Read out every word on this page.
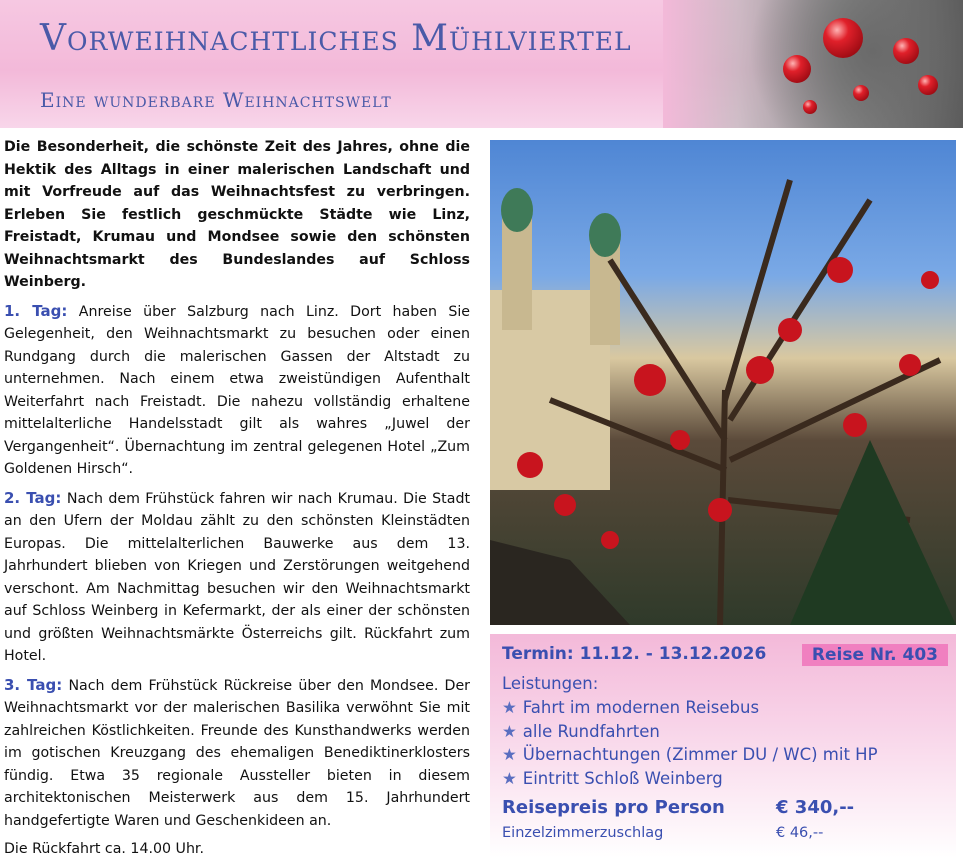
Vorweihnachtliches Mühlviertel
Eine wunderbare Weihnachtswelt

Die Besonderheit, die schönste Zeit des Jahres, ohne die Hektik des Alltags in einer malerischen Landschaft und mit Vorfreude auf das Weihnachtsfest zu verbringen. Erleben Sie festlich geschmückte Städte wie Linz, Freistadt, Krumau und Mondsee sowie den schönsten Weihnachtsmarkt des Bundeslandes auf Schloss Weinberg.

1. Tag: Anreise über Salzburg nach Linz. Dort haben Sie Gelegenheit, den Weihnachtsmarkt zu besuchen oder einen Rundgang durch die malerischen Gassen der Altstadt zu unternehmen. Nach einem etwa zweistündigen Aufenthalt Weiterfahrt nach Freistadt. Die nahezu vollständig erhaltene mittelalterliche Handelsstadt gilt als wahres „Juwel der Vergangenheit“. Übernachtung im zentral gelegenen Hotel „Zum Goldenen Hirsch“.

2. Tag: Nach dem Frühstück fahren wir nach Krumau. Die Stadt an den Ufern der Moldau zählt zu den schönsten Kleinstädten Europas. Die mittelalterlichen Bauwerke aus dem 13. Jahrhundert blieben von Kriegen und Zerstörungen weitgehend verschont. Am Nachmittag besuchen wir den Weihnachtsmarkt auf Schloss Weinberg in Kefermarkt, der als einer der schönsten und größten Weihnachtsmärkte Österreichs gilt. Rückfahrt zum Hotel.

3. Tag: Nach dem Frühstück Rückreise über den Mondsee. Der Weihnachtsmarkt vor der malerischen Basilika verwöhnt Sie mit zahlreichen Köstlichkeiten. Freunde des Kunsthandwerks werden im gotischen Kreuzgang des ehemaligen Benediktinerklosters fündig. Etwa 35 regionale Aussteller bieten in diesem architektonischen Meisterwerk aus dem 15. Jahrhundert handgefertigte Waren und Geschenkideen an.

Die Rückfahrt ca. 14.00 Uhr.

Termin: 11.12. - 13.12.2026	Reise Nr. 403
Leistungen:
★ Fahrt im modernen Reisebus
★ alle Rundfahrten
★ Übernachtungen (Zimmer DU / WC) mit HP
★ Eintritt Schloß Weinberg
Reisepreis pro Person	€ 340,--
Einzelzimmerzuschlag	€ 46,--
